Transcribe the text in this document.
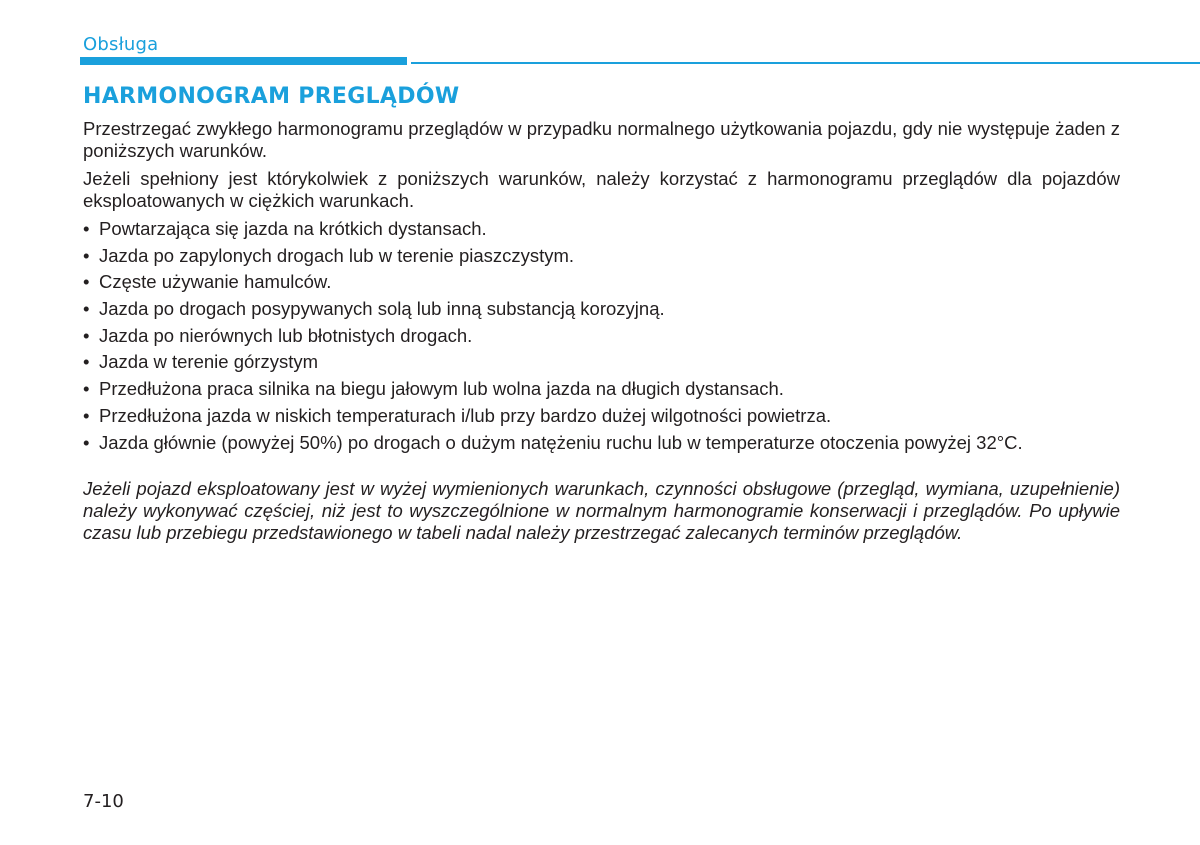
Obsługa
HARMONOGRAM PREGLĄDÓW

Przestrzegać zwykłego harmonogramu przeglądów w przypadku normalnego użytkowania pojazdu, gdy nie występuje żaden z poniższych warunków.

Jeżeli spełniony jest którykolwiek z poniższych warunków, należy korzystać z harmonogramu przeglądów dla pojazdów eksploatowanych w ciężkich warunkach.

• Powtarzająca się jazda na krótkich dystansach.
• Jazda po zapylonych drogach lub w terenie piaszczystym.
• Częste używanie hamulców.
• Jazda po drogach posypywanych solą lub inną substancją korozyjną.
• Jazda po nierównych lub błotnistych drogach.
• Jazda w terenie górzystym
• Przedłużona praca silnika na biegu jałowym lub wolna jazda na długich dystansach.
• Przedłużona jazda w niskich temperaturach i/lub przy bardzo dużej wilgotności powietrza.
• Jazda głównie (powyżej 50%) po drogach o dużym natężeniu ruchu lub w temperaturze otoczenia powyżej 32°C.

Jeżeli pojazd eksploatowany jest w wyżej wymienionych warunkach, czynności obsługowe (przegląd, wymiana, uzupełnienie) należy wykonywać częściej, niż jest to wyszczególnione w normalnym harmonogramie konserwacji i przeglądów. Po upływie czasu lub przebiegu przedstawionego w tabeli nadal należy przestrzegać zalecanych terminów przeglądów.

7-10
